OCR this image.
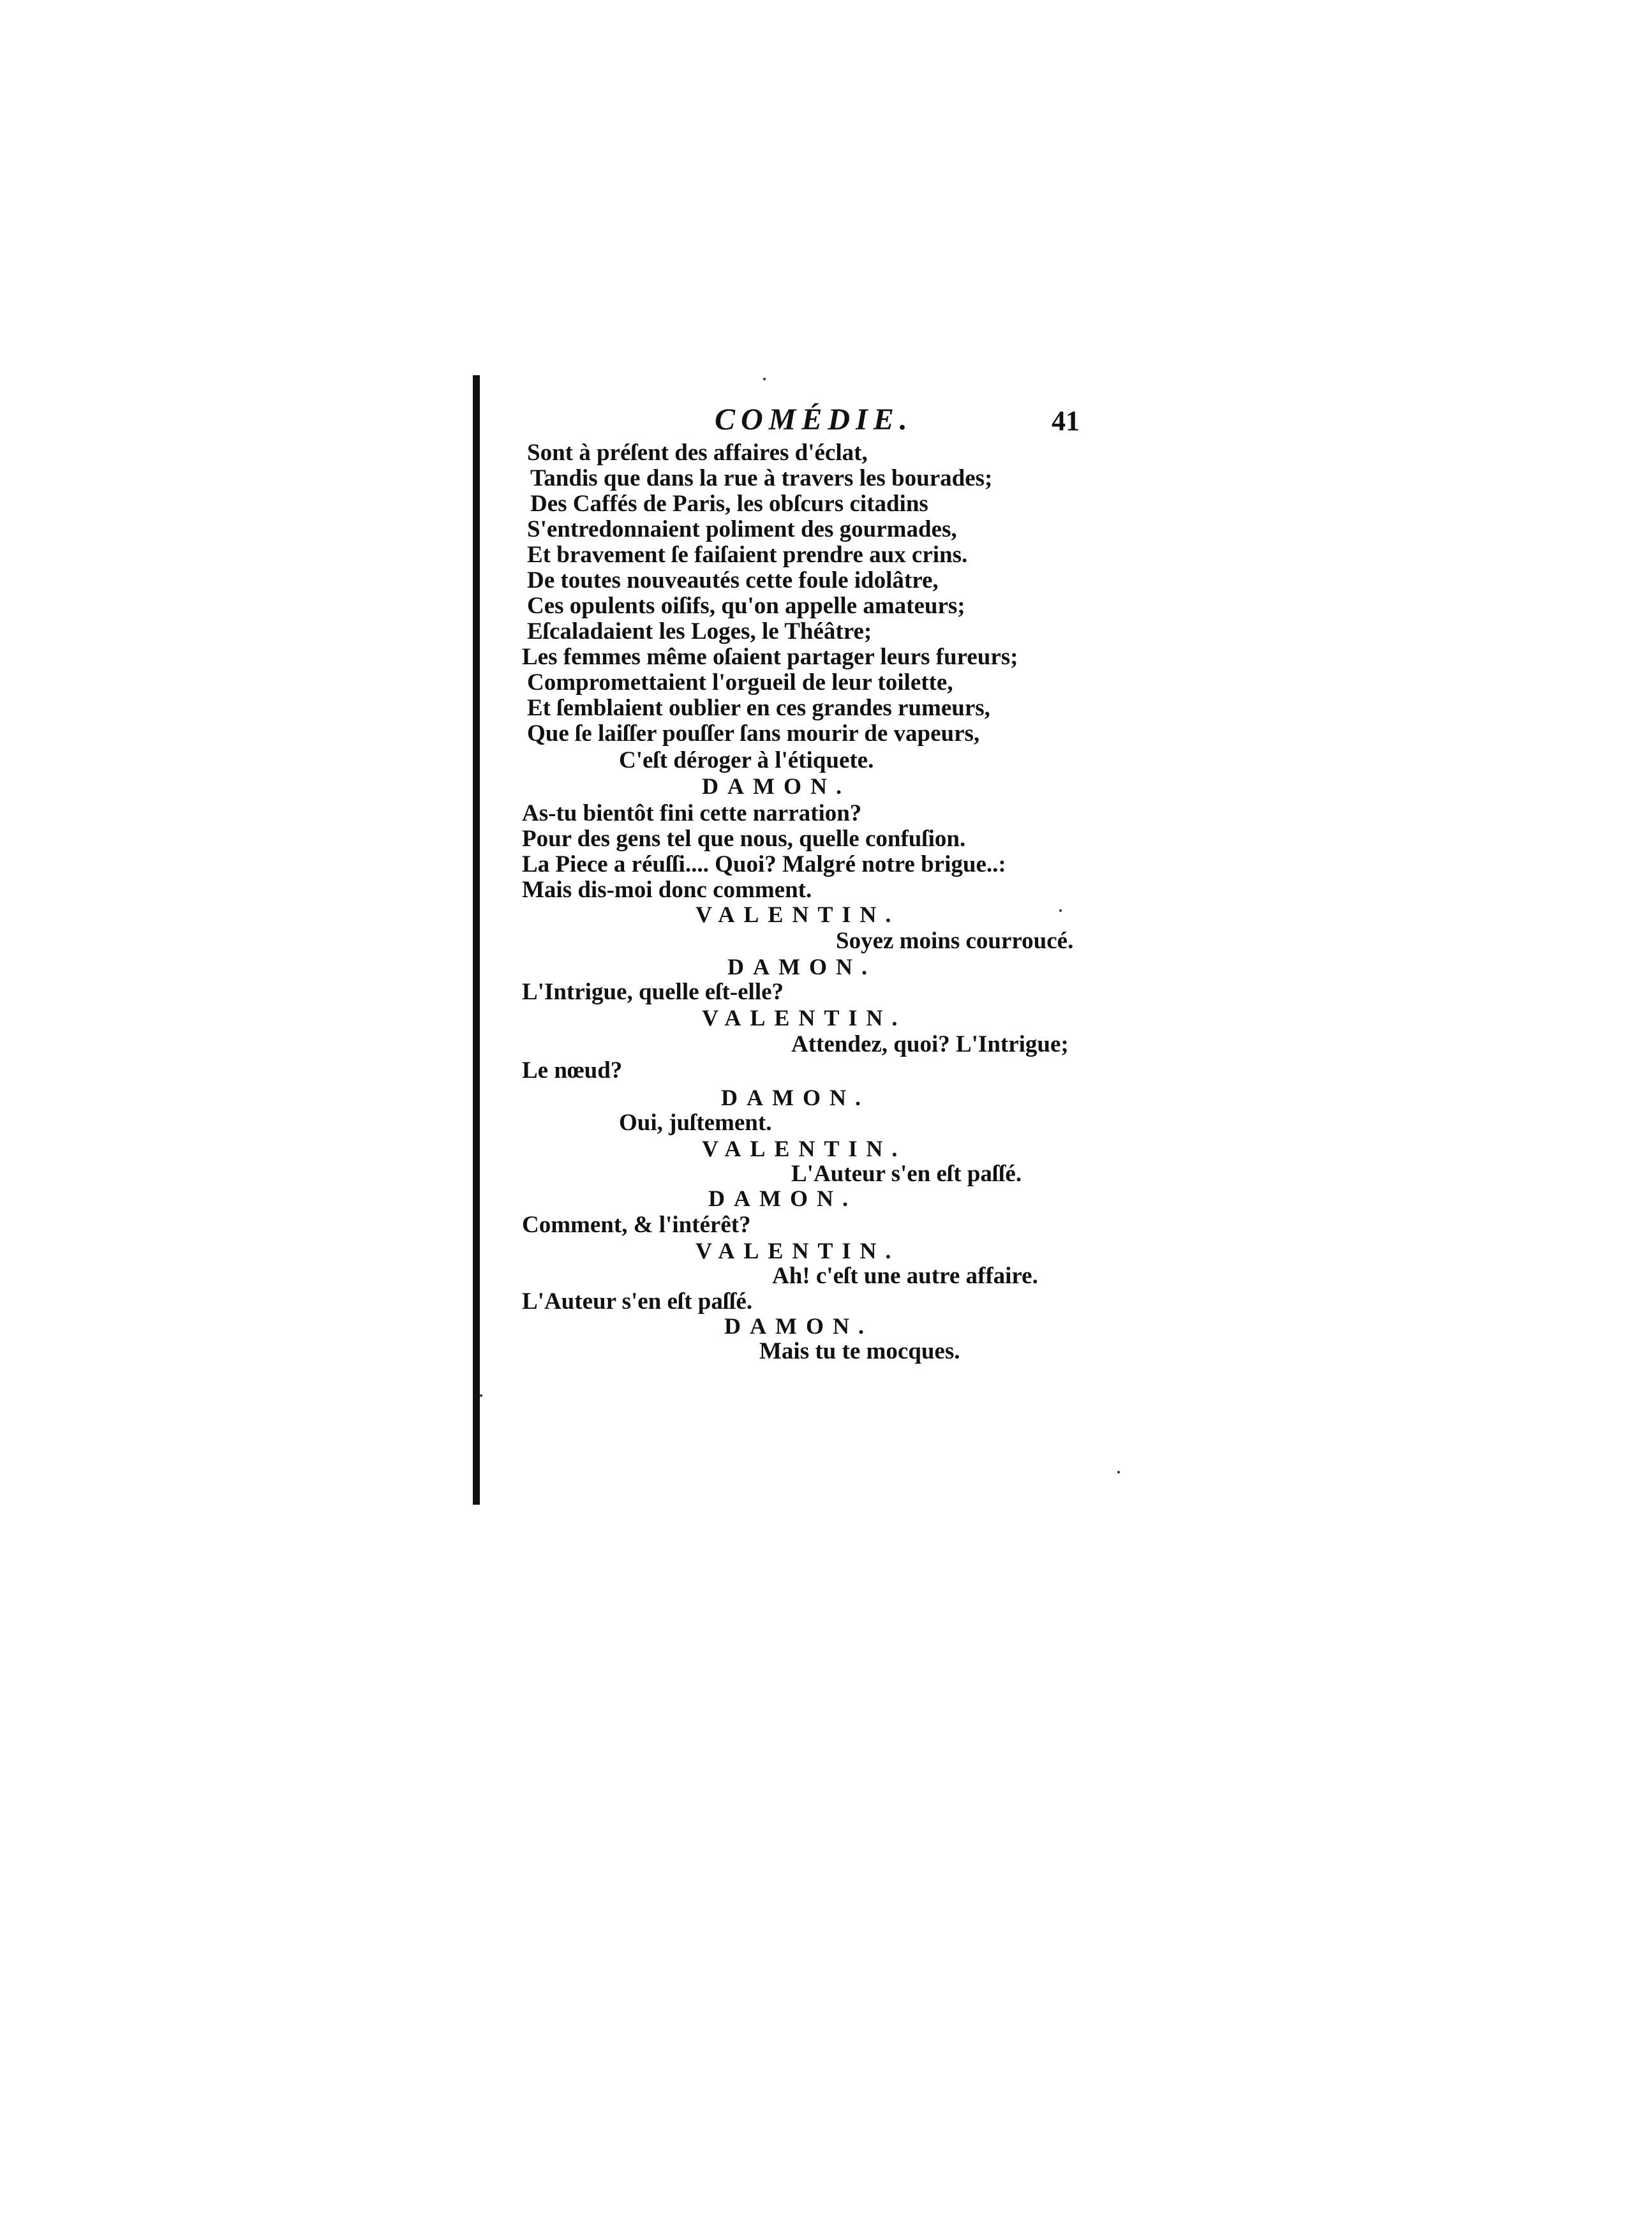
COMÉDIE.	41
Sont à préſent des affaires d'éclat,
Tandis que dans la rue à travers les bourades;
Des Caffés de Paris, les obſcurs citadins
S'entredonnaient poliment des gourmades,
Et bravement ſe faiſaient prendre aux crins.
De toutes nouveautés cette foule idolâtre,
Ces opulents oiſifs, qu'on appelle amateurs;
Eſcaladaient les Loges, le Théâtre;
Les femmes même oſaient partager leurs fureurs;
Compromettaient l'orgueil de leur toilette,
Et ſemblaient oublier en ces grandes rumeurs,
Que ſe laiſſer pouſſer ſans mourir de vapeurs,
C'eſt déroger à l'étiquete.
DAMON.
As-tu bientôt fini cette narration?
Pour des gens tel que nous, quelle confuſion.
La Piece a réuſſi.... Quoi? Malgré notre brigue..:
Mais dis-moi donc comment.
VALENTIN.
Soyez moins courroucé.
DAMON.
L'Intrigue, quelle eſt-elle?
VALENTIN.
Attendez, quoi? L'Intrigue;
Le nœud?
DAMON.
Oui, juſtement.
VALENTIN.
L'Auteur s'en eſt paſſé.
DAMON.
Comment, & l'intérêt?
VALENTIN.
Ah! c'eſt une autre affaire.
L'Auteur s'en eſt paſſé.
DAMON.
Mais tu te mocques.
